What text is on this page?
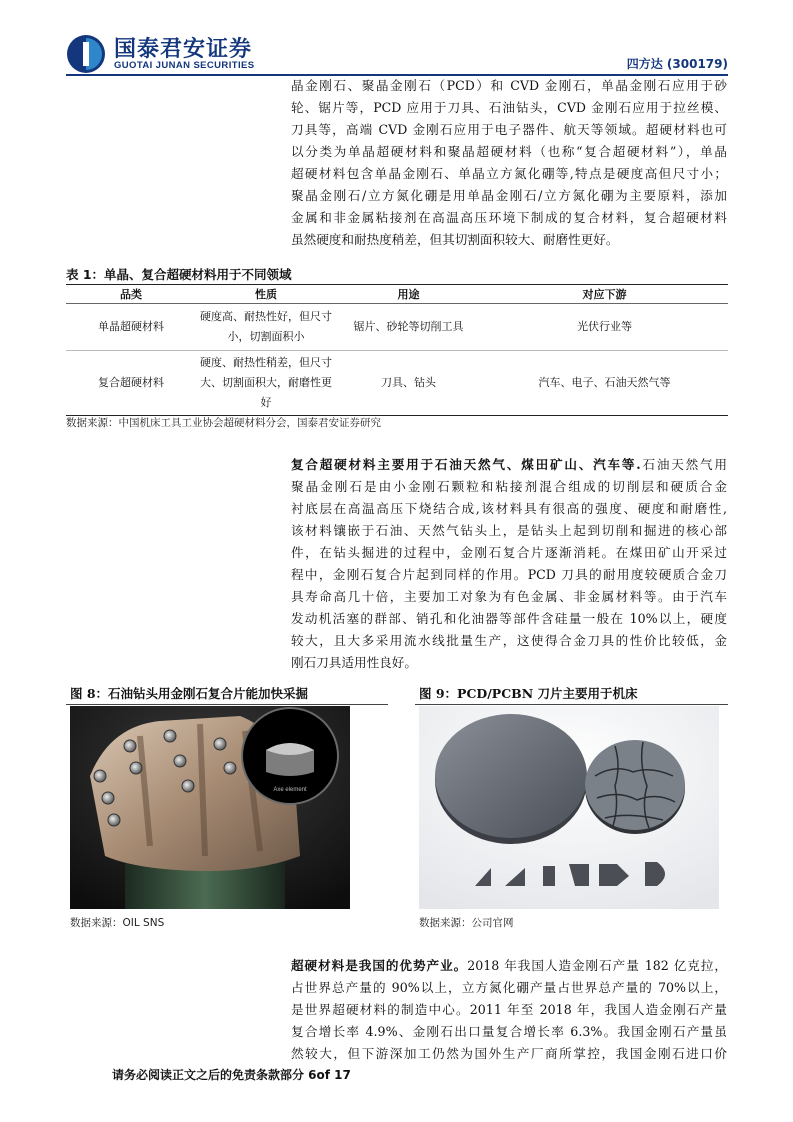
国泰君安证券
GUOTAI JUNAN SECURITIES	四方达 (300179)
晶金刚石、聚晶金刚石（PCD）和 CVD 金刚石，单晶金刚石应用于砂
轮、锯片等，PCD 应用于刀具、石油钻头，CVD 金刚石应用于拉丝模、
刀具等，高端 CVD 金刚石应用于电子器件、航天等领域。超硬材料也可
以分类为单晶超硬材料和聚晶超硬材料（也称“复合超硬材料”），单晶
超硬材料包含单晶金刚石、单晶立方氮化硼等,特点是硬度高但尺寸小；
聚晶金刚石/立方氮化硼是用单晶金刚石/立方氮化硼为主要原料，添加
金属和非金属粘接剂在高温高压环境下制成的复合材料，复合超硬材料
虽然硬度和耐热度稍差，但其切割面积较大、耐磨性更好。
表 1：单晶、复合超硬材料用于不同领域
品类	性质	用途	对应下游
单晶超硬材料	硬度高、耐热性好，但尺寸
小，切割面积小	锯片、砂轮等切削工具	光伏行业等
复合超硬材料	硬度、耐热性稍差，但尺寸
大、切割面积大，耐磨性更
好	刀具、钻头	汽车、电子、石油天然气等
数据来源：中国机床工具工业协会超硬材料分会，国泰君安证券研究
复合超硬材料主要用于石油天然气、煤田矿山、汽车等.石油天然气用
聚晶金刚石是由小金刚石颗粒和粘接剂混合组成的切削层和硬质合金
衬底层在高温高压下烧结合成,该材料具有很高的强度、硬度和耐磨性,
该材料镶嵌于石油、天然气钻头上，是钻头上起到切削和掘进的核心部
件，在钻头掘进的过程中，金刚石复合片逐渐消耗。在煤田矿山开采过
程中，金刚石复合片起到同样的作用。PCD 刀具的耐用度较硬质合金刀
具寿命高几十倍，主要加工对象为有色金属、非金属材料等。由于汽车
发动机活塞的群部、销孔和化油器等部件含硅量一般在 10%以上，硬度
较大，且大多采用流水线批量生产，这使得合金刀具的性价比较低，金
刚石刀具适用性良好。
图 8：石油钻头用金刚石复合片能加快采掘
Axe element
数据来源：OIL SNS
图 9：PCD/PCBN 刀片主要用于机床
数据来源：公司官网
超硬材料是我国的优势产业。2018 年我国人造金刚石产量 182 亿克拉，
占世界总产量的 90%以上，立方氮化硼产量占世界总产量的 70%以上，
是世界超硬材料的制造中心。2011 年至 2018 年，我国人造金刚石产量
复合增长率 4.9%、金刚石出口量复合增长率 6.3%。我国金刚石产量虽
然较大，但下游深加工仍然为国外生产厂商所掌控，我国金刚石进口价
请务必阅读正文之后的免责条款部分 6of 17
